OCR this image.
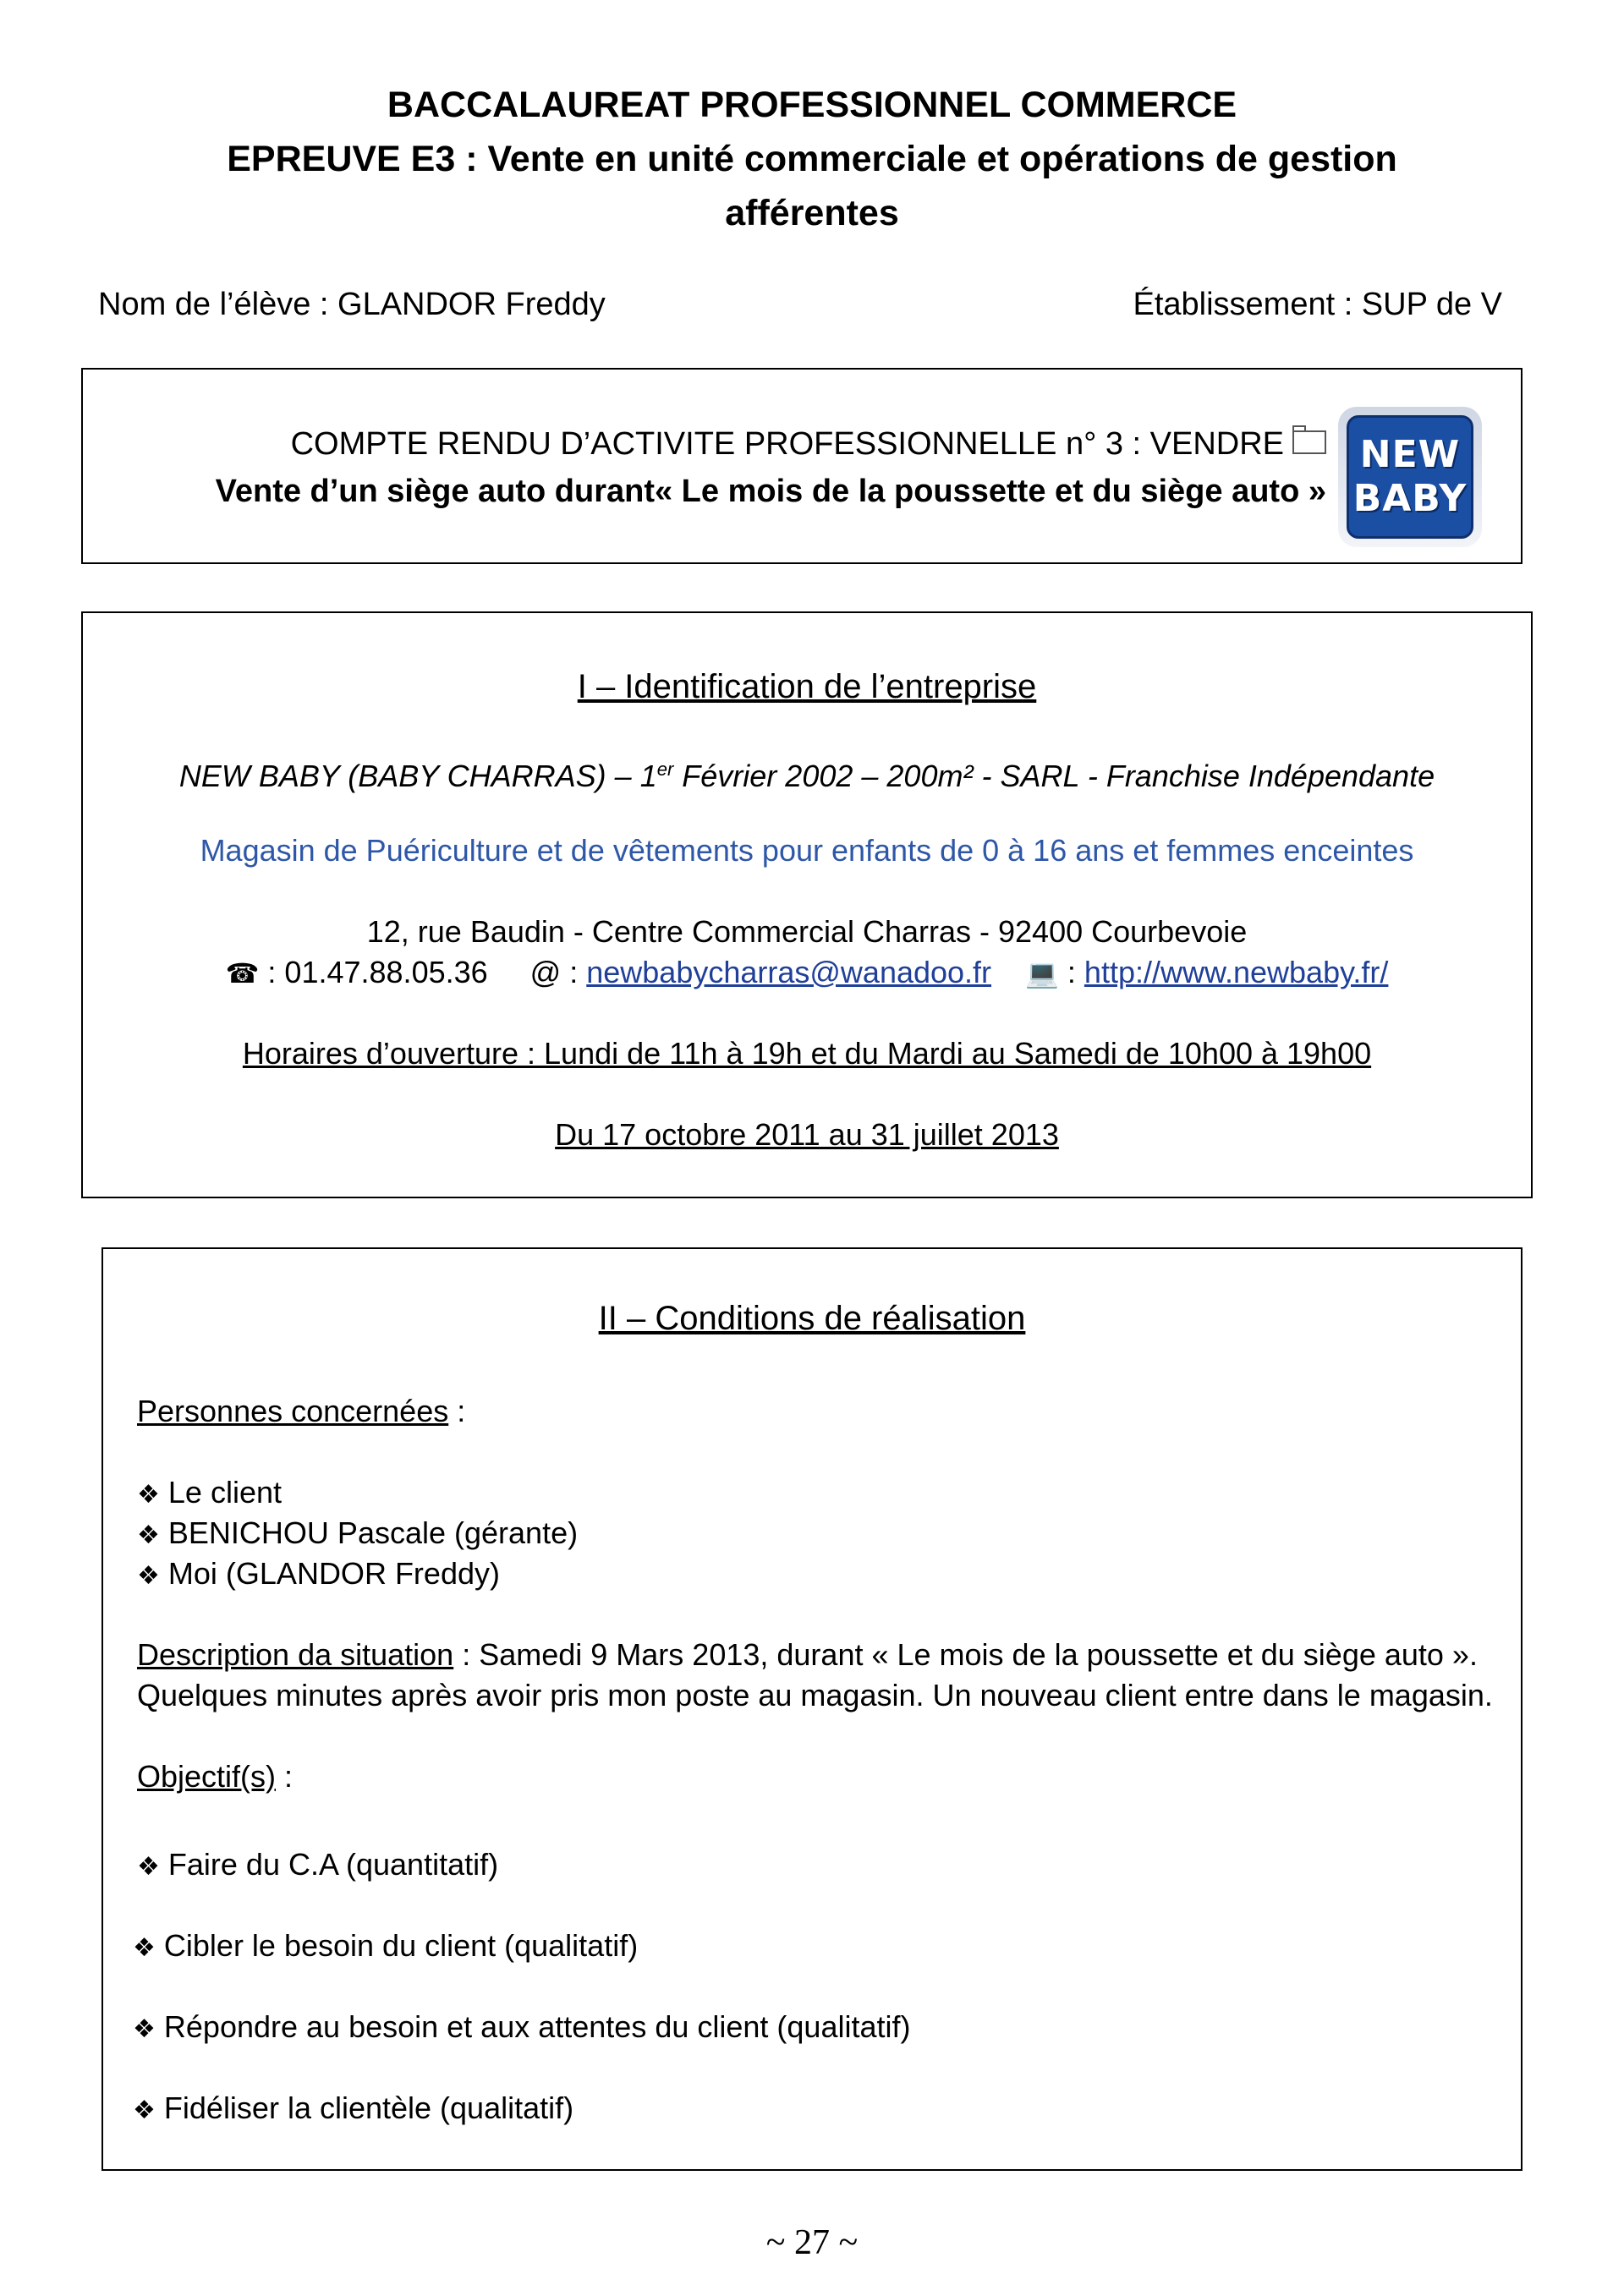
BACCALAUREAT PROFESSIONNEL COMMERCE
EPREUVE E3 : Vente en unité commerciale et opérations de gestion
afférentes
Nom de l’élève : GLANDOR Freddy	Établissement : SUP de V
COMPTE RENDU D’ACTIVITE PROFESSIONNELLE n° 3 : VENDRE
Vente d’un siège auto durant« Le mois de la poussette et du siège auto »
NEW
BABY
I – Identification de l’entreprise
NEW BABY (BABY CHARRAS) – 1er Février 2002 – 200m² - SARL - Franchise Indépendante
Magasin de Puériculture et de vêtements pour enfants de 0 à 16 ans et femmes enceintes
12, rue Baudin - Centre Commercial Charras - 92400 Courbevoie
☎ : 01.47.88.05.36 @ : newbabycharras@wanadoo.fr 💻 : http://www.newbaby.fr/
Horaires d’ouverture : Lundi de 11h à 19h et du Mardi au Samedi de 10h00 à 19h00
Du 17 octobre 2011 au 31 juillet 2013
II – Conditions de réalisation
Personnes concernées :
❖ Le client
❖ BENICHOU Pascale (gérante)
❖ Moi (GLANDOR Freddy)
Description da situation : Samedi 9 Mars 2013, durant « Le mois de la poussette et du siège auto ».
Quelques minutes après avoir pris mon poste au magasin. Un nouveau client entre dans le magasin.
Objectif(s) :
❖ Faire du C.A (quantitatif)
❖ Cibler le besoin du client (qualitatif)
❖ Répondre au besoin et aux attentes du client (qualitatif)
❖ Fidéliser la clientèle (qualitatif)
~ 27 ~
